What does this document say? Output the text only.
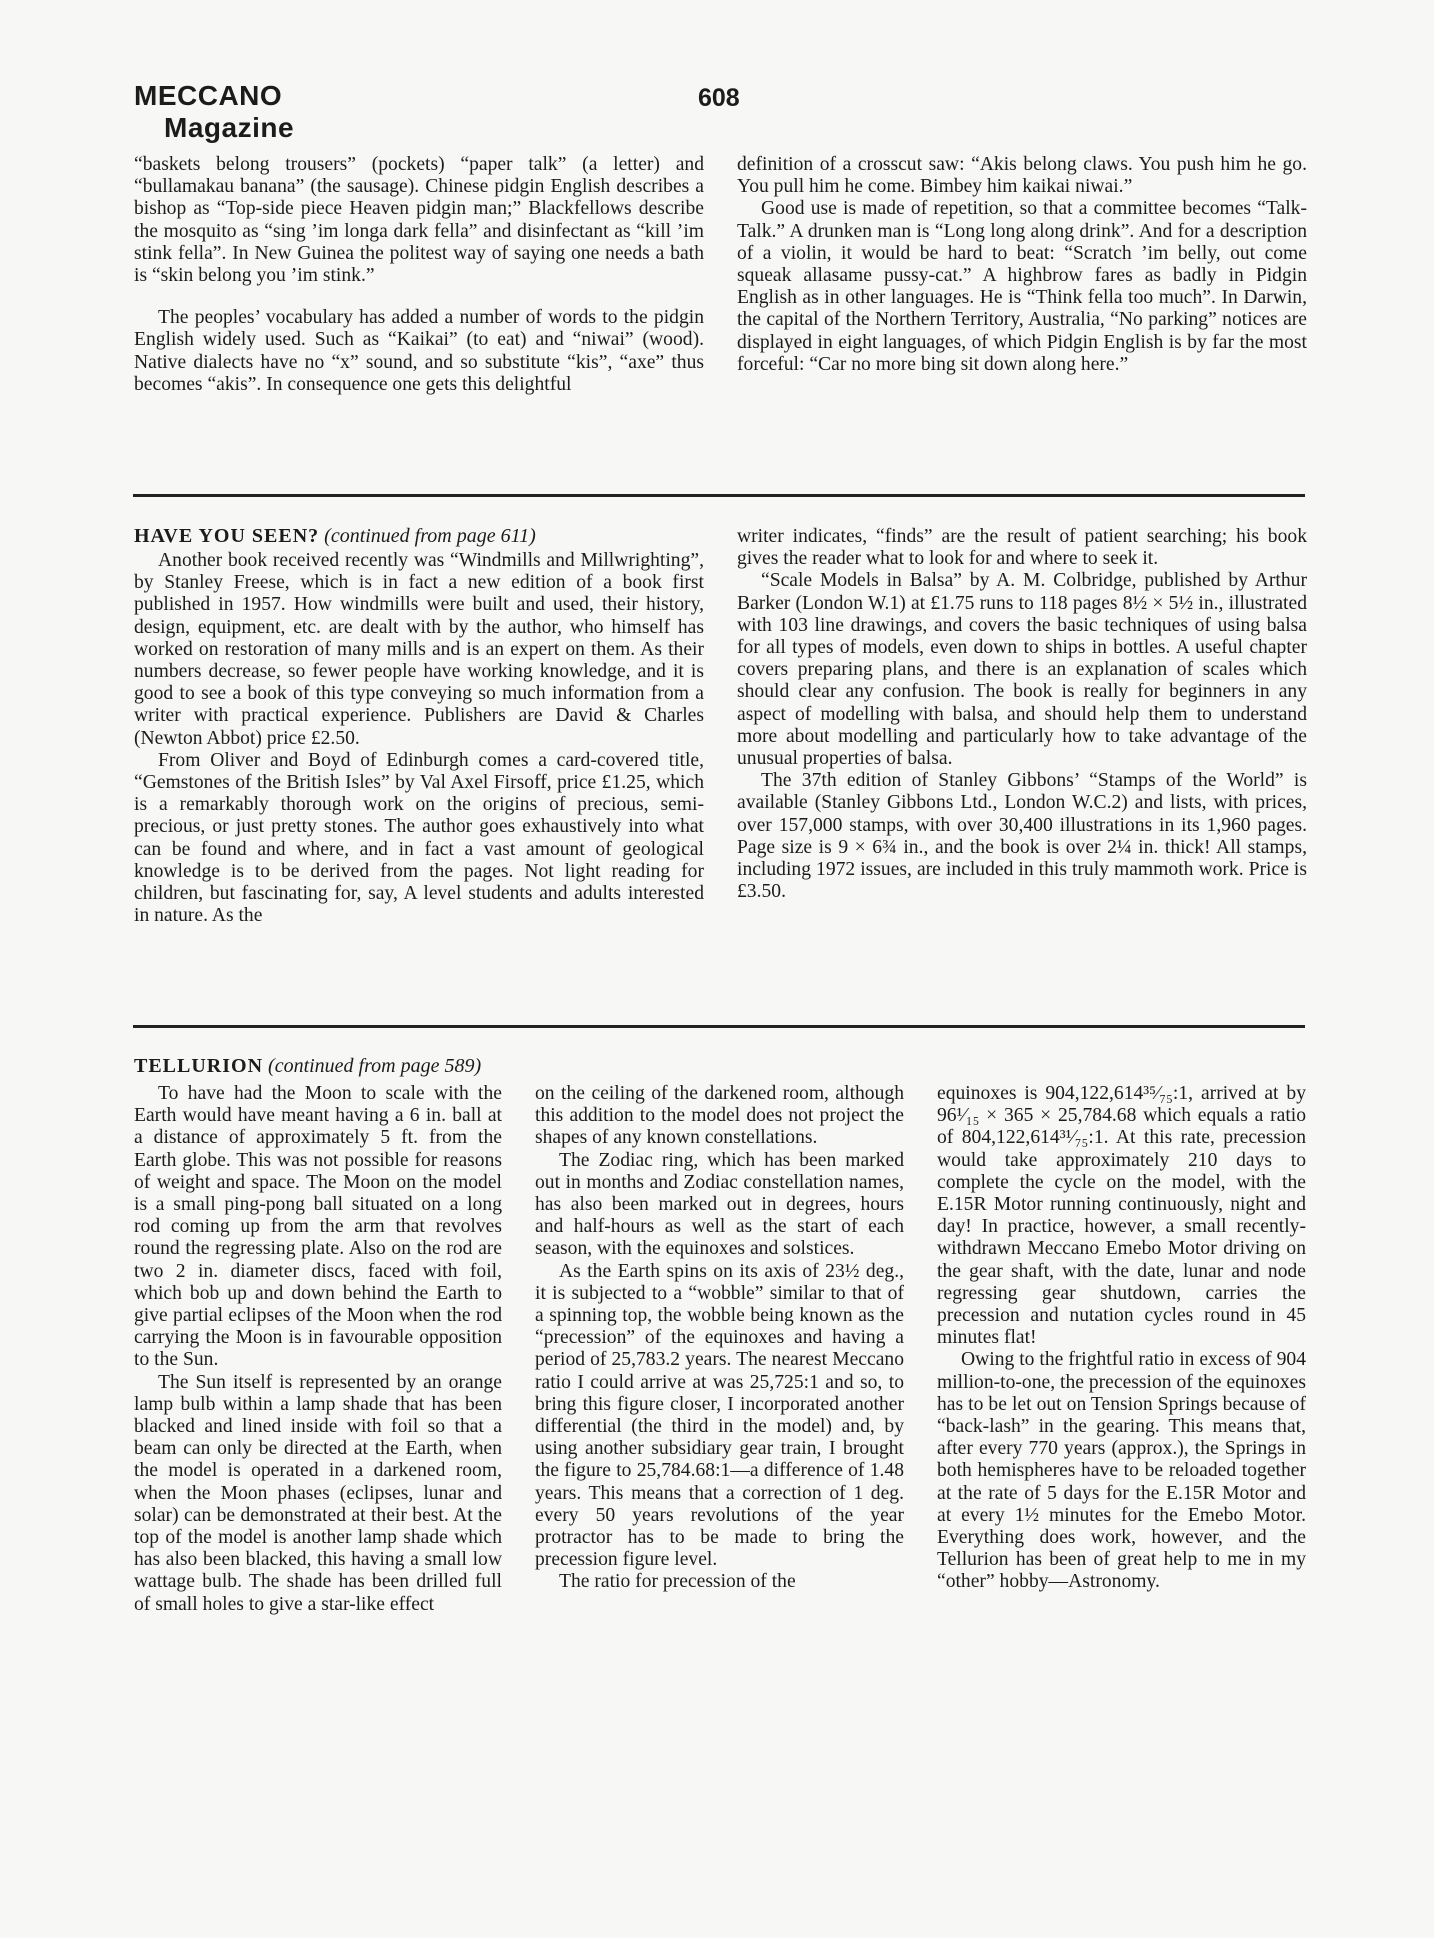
MECCANO
Magazine
608

“baskets belong trousers” (pockets) “paper talk” (a letter) and “bullamakau banana” (the sausage). Chinese pidgin English describes a bishop as “Top-side piece Heaven pidgin man;” Blackfellows describe the mosquito as “sing ’im longa dark fella” and disinfectant as “kill ’im stink fella”. In New Guinea the politest way of saying one needs a bath is “skin belong you ’im stink.”

The peoples’ vocabulary has added a number of words to the pidgin English widely used. Such as “Kaikai” (to eat) and “niwai” (wood). Native dialects have no “x” sound, and so substitute “kis”, “axe” thus becomes “akis”. In consequence one gets this delightful

definition of a crosscut saw: “Akis belong claws. You push him he go. You pull him he come. Bimbey him kaikai niwai.”

Good use is made of repetition, so that a committee becomes “Talk-Talk.” A drunken man is “Long long along drink”. And for a description of a violin, it would be hard to beat: “Scratch ’im belly, out come squeak allasame pussy-cat.” A highbrow fares as badly in Pidgin English as in other languages. He is “Think fella too much”. In Darwin, the capital of the Northern Territory, Australia, “No parking” notices are displayed in eight languages, of which Pidgin English is by far the most forceful: “Car no more bing sit down along here.”

HAVE YOU SEEN? (continued from page 611)

Another book received recently was “Windmills and Millwrighting”, by Stanley Freese, which is in fact a new edition of a book first published in 1957. How windmills were built and used, their history, design, equipment, etc. are dealt with by the author, who himself has worked on restoration of many mills and is an expert on them. As their numbers decrease, so fewer people have working knowledge, and it is good to see a book of this type conveying so much information from a writer with practical experience. Publishers are David & Charles (Newton Abbot) price £2.50.

From Oliver and Boyd of Edinburgh comes a card-covered title, “Gemstones of the British Isles” by Val Axel Firsoff, price £1.25, which is a remarkably thorough work on the origins of precious, semi-precious, or just pretty stones. The author goes exhaustively into what can be found and where, and in fact a vast amount of geological knowledge is to be derived from the pages. Not light reading for children, but fascinating for, say, A level students and adults interested in nature. As the

writer indicates, “finds” are the result of patient searching; his book gives the reader what to look for and where to seek it.

“Scale Models in Balsa” by A. M. Colbridge, published by Arthur Barker (London W.1) at £1.75 runs to 118 pages 8½ × 5½ in., illustrated with 103 line drawings, and covers the basic techniques of using balsa for all types of models, even down to ships in bottles. A useful chapter covers preparing plans, and there is an explanation of scales which should clear any confusion. The book is really for beginners in any aspect of modelling with balsa, and should help them to understand more about modelling and particularly how to take advantage of the unusual properties of balsa.

The 37th edition of Stanley Gibbons’ “Stamps of the World” is available (Stanley Gibbons Ltd., London W.C.2) and lists, with prices, over 157,000 stamps, with over 30,400 illustrations in its 1,960 pages. Page size is 9 × 6¾ in., and the book is over 2¼ in. thick! All stamps, including 1972 issues, are included in this truly mammoth work. Price is £3.50.

TELLURION (continued from page 589)

To have had the Moon to scale with the Earth would have meant having a 6 in. ball at a distance of approximately 5 ft. from the Earth globe. This was not possible for reasons of weight and space. The Moon on the model is a small ping-pong ball situated on a long rod coming up from the arm that revolves round the regressing plate. Also on the rod are two 2 in. diameter discs, faced with foil, which bob up and down behind the Earth to give partial eclipses of the Moon when the rod carrying the Moon is in favourable opposition to the Sun.

The Sun itself is represented by an orange lamp bulb within a lamp shade that has been blacked and lined inside with foil so that a beam can only be directed at the Earth, when the model is operated in a darkened room, when the Moon phases (eclipses, lunar and solar) can be demonstrated at their best. At the top of the model is another lamp shade which has also been blacked, this having a small low wattage bulb. The shade has been drilled full of small holes to give a star-like effect

on the ceiling of the darkened room, although this addition to the model does not project the shapes of any known constellations.

The Zodiac ring, which has been marked out in months and Zodiac constellation names, has also been marked out in degrees, hours and half-hours as well as the start of each season, with the equinoxes and solstices.

As the Earth spins on its axis of 23½ deg., it is subjected to a “wobble” similar to that of a spinning top, the wobble being known as the “precession” of the equinoxes and having a period of 25,783.2 years. The nearest Meccano ratio I could arrive at was 25,725:1 and so, to bring this figure closer, I incorporated another differential (the third in the model) and, by using another subsidiary gear train, I brought the figure to 25,784.68:1—a difference of 1.48 years. This means that a correction of 1 deg. every 50 years revolutions of the year protractor has to be made to bring the precession figure level.

The ratio for precession of the

equinoxes is 904,122,614³⁵⁄₇₅:1, arrived at by 96¹⁄₁₅ × 365 × 25,784.68 which equals a ratio of 804,122,614³¹⁄₇₅:1. At this rate, precession would take approximately 210 days to complete the cycle on the model, with the E.15R Motor running continuously, night and day! In practice, however, a small recently-withdrawn Meccano Emebo Motor driving on the gear shaft, with the date, lunar and node regressing gear shutdown, carries the precession and nutation cycles round in 45 minutes flat!

Owing to the frightful ratio in excess of 904 million-to-one, the precession of the equinoxes has to be let out on Tension Springs because of “back-lash” in the gearing. This means that, after every 770 years (approx.), the Springs in both hemispheres have to be reloaded together at the rate of 5 days for the E.15R Motor and at every 1½ minutes for the Emebo Motor. Everything does work, however, and the Tellurion has been of great help to me in my “other” hobby—Astronomy.
